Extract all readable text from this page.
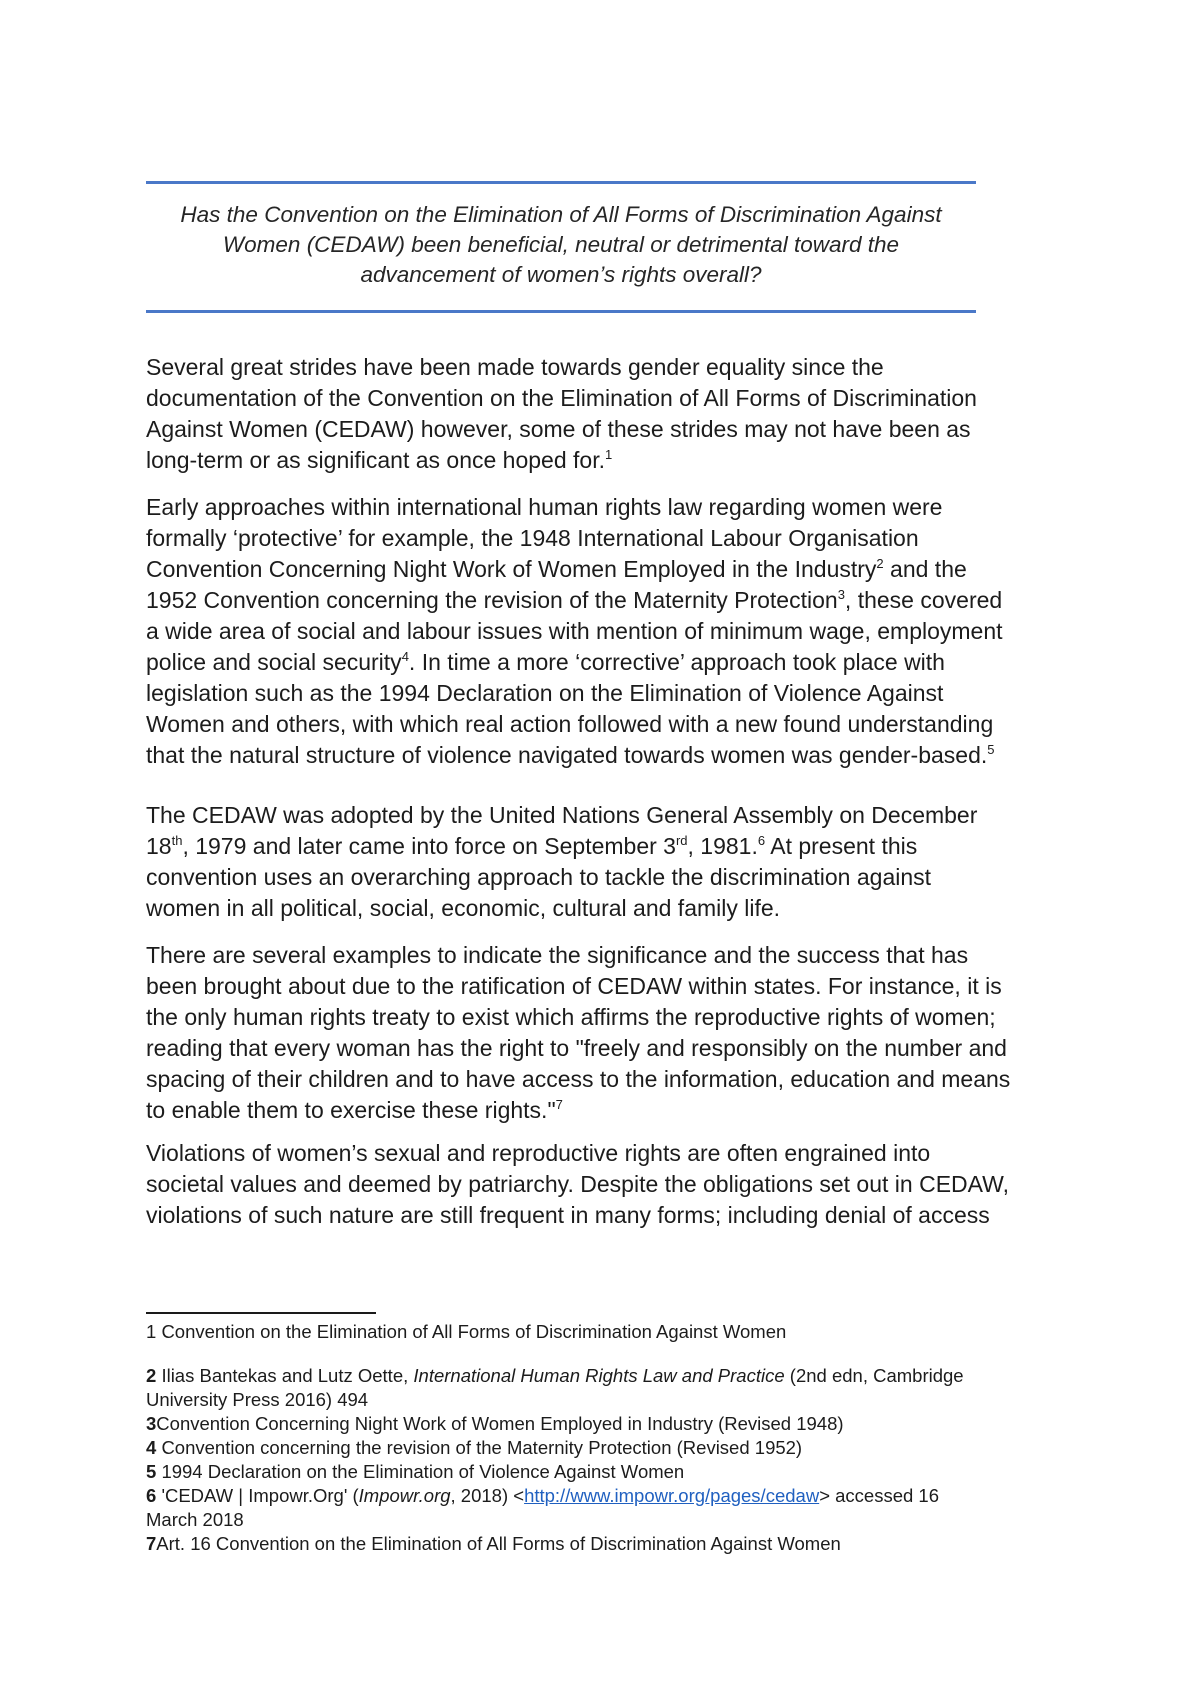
Has the Convention on the Elimination of All Forms of Discrimination Against
Women (CEDAW) been beneficial, neutral or detrimental toward the
advancement of women’s rights overall?
Several great strides have been made towards gender equality since the
documentation of the Convention on the Elimination of All Forms of Discrimination
Against Women (CEDAW) however, some of these strides may not have been as
long-term or as significant as once hoped for.$^1$
Early approaches within international human rights law regarding women were
formally ‘protective’ for example, the 1948 International Labour Organisation
Convention Concerning Night Work of Women Employed in the Industry$^2$ and the
1952 Convention concerning the revision of the Maternity Protection$^3$, these covered
a wide area of social and labour issues with mention of minimum wage, employment
police and social security$^4$. In time a more ‘corrective’ approach took place with
legislation such as the 1994 Declaration on the Elimination of Violence Against
Women and others, with which real action followed with a new found understanding
that the natural structure of violence navigated towards women was gender-based.$^5$
The CEDAW was adopted by the United Nations General Assembly on December
18th, 1979 and later came into force on September 3rd, 1981.$^6$ At present this
convention uses an overarching approach to tackle the discrimination against
women in all political, social, economic, cultural and family life.
There are several examples to indicate the significance and the success that has
been brought about due to the ratification of CEDAW within states. For instance, it is
the only human rights treaty to exist which affirms the reproductive rights of women;
reading that every woman has the right to "freely and responsibly on the number and
spacing of their children and to have access to the information, education and means
to enable them to exercise these rights."$^7$
Violations of women’s sexual and reproductive rights are often engrained into
societal values and deemed by patriarchy. Despite the obligations set out in CEDAW,
violations of such nature are still frequent in many forms; including denial of access
1 Convention on the Elimination of All Forms of Discrimination Against Women
2 Ilias Bantekas and Lutz Oette, International Human Rights Law and Practice (2nd edn, Cambridge
University Press 2016) 494
3Convention Concerning Night Work of Women Employed in Industry (Revised 1948)
4 Convention concerning the revision of the Maternity Protection (Revised 1952)
5 1994 Declaration on the Elimination of Violence Against Women
6 'CEDAW | Impowr.Org' (Impowr.org, 2018) <http://www.impowr.org/pages/cedaw> accessed 16
March 2018
7Art. 16 Convention on the Elimination of All Forms of Discrimination Against Women
